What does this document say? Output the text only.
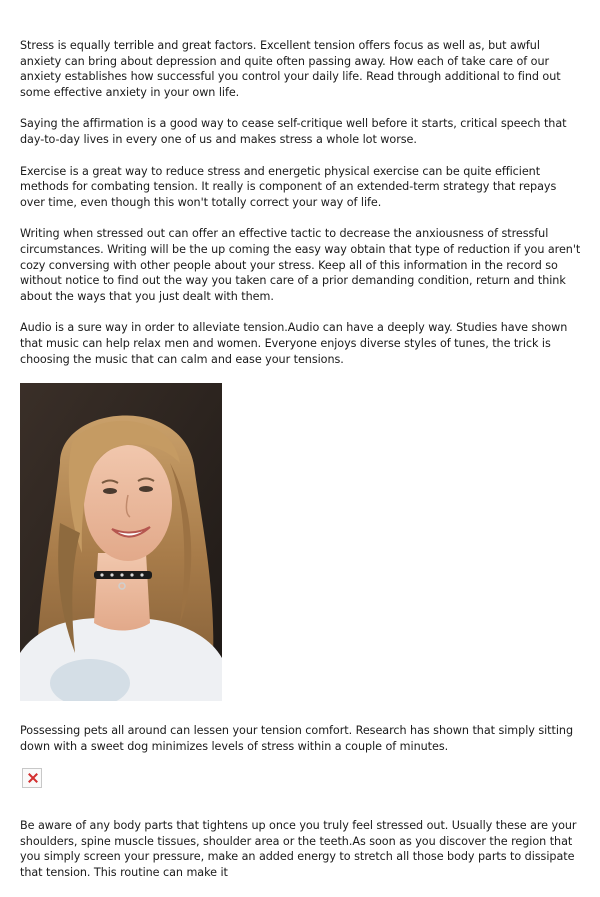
Stress is equally terrible and great factors. Excellent tension offers focus as well as, but awful anxiety can bring about depression and quite often passing away. How each of take care of our anxiety establishes how successful you control your daily life. Read through additional to find out some effective anxiety in your own life.

Saying the affirmation is a good way to cease self-critique well before it starts, critical speech that day-to-day lives in every one of us and makes stress a whole lot worse.

Exercise is a great way to reduce stress and energetic physical exercise can be quite efficient methods for combating tension. It really is component of an extended-term strategy that repays over time, even though this won't totally correct your way of life.

Writing when stressed out can offer an effective tactic to decrease the anxiousness of stressful circumstances. Writing will be the up coming the easy way obtain that type of reduction if you aren't cozy conversing with other people about your stress. Keep all of this information in the record so without notice to find out the way you taken care of a prior demanding condition, return and think about the ways that you just dealt with them.

Audio is a sure way in order to alleviate tension.Audio can have a deeply way. Studies have shown that music can help relax men and women. Everyone enjoys diverse styles of tunes, the trick is choosing the music that can calm and ease your tensions.

Possessing pets all around can lessen your tension comfort. Research has shown that simply sitting down with a sweet dog minimizes levels of stress within a couple of minutes.

Be aware of any body parts that tightens up once you truly feel stressed out. Usually these are your shoulders, spine muscle tissues, shoulder area or the teeth.As soon as you discover the region that you simply screen your pressure, make an added energy to stretch all those body parts to dissipate that tension. This routine can make it
